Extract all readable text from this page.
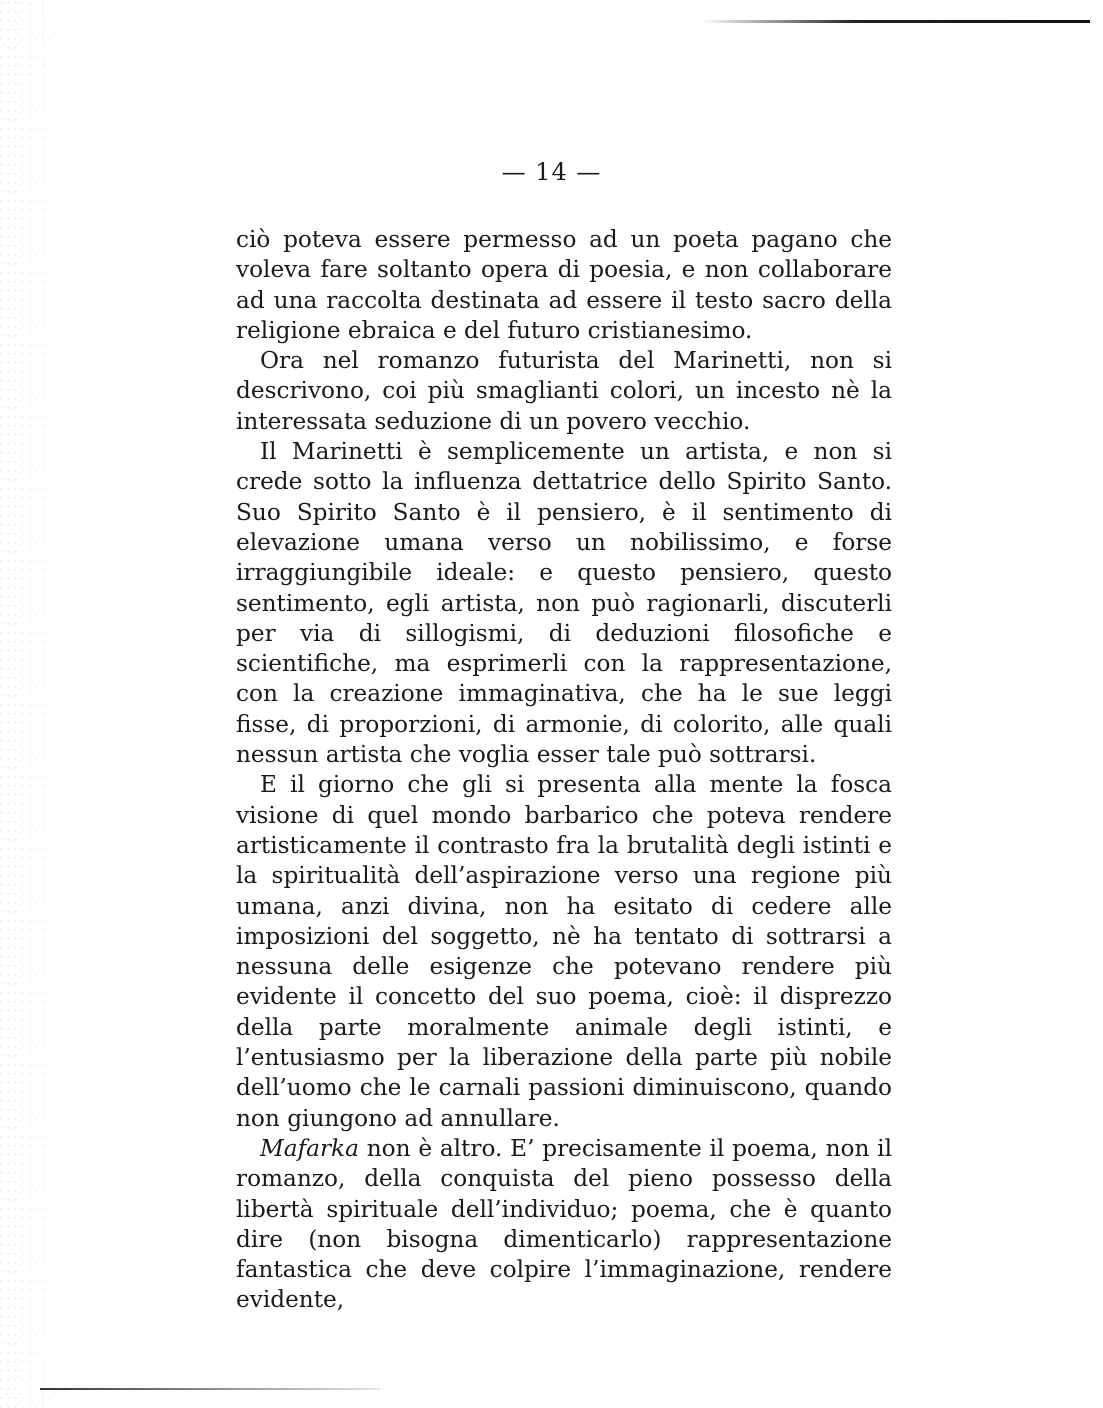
— 14 —

ciò poteva essere permesso ad un poeta pagano che voleva fare soltanto opera di poesia, e non collaborare ad una raccolta destinata ad essere il testo sacro della religione ebraica e del futuro cristianesimo.

Ora nel romanzo futurista del Marinetti, non si descrivono, coi più smaglianti colori, un incesto nè la interessata seduzione di un povero vecchio.

Il Marinetti è semplicemente un artista, e non si crede sotto la influenza dettatrice dello Spirito Santo. Suo Spirito Santo è il pensiero, è il sentimento di elevazione umana verso un nobilissimo, e forse irraggiungibile ideale: e questo pensiero, questo sentimento, egli artista, non può ragionarli, discuterli per via di sillogismi, di deduzioni filosofiche e scientifiche, ma esprimerli con la rappresentazione, con la creazione immaginativa, che ha le sue leggi fisse, di proporzioni, di armonie, di colorito, alle quali nessun artista che voglia esser tale può sottrarsi.

E il giorno che gli si presenta alla mente la fosca visione di quel mondo barbarico che poteva rendere artisticamente il contrasto fra la brutalità degli istinti e la spiritualità dell’aspirazione verso una regione più umana, anzi divina, non ha esitato di cedere alle imposizioni del soggetto, nè ha tentato di sottrarsi a nessuna delle esigenze che potevano rendere più evidente il concetto del suo poema, cioè: il disprezzo della parte moralmente animale degli istinti, e l’entusiasmo per la liberazione della parte più nobile dell’uomo che le carnali passioni diminuiscono, quando non giungono ad annullare.

Mafarka non è altro. E’ precisamente il poema, non il romanzo, della conquista del pieno possesso della libertà spirituale dell’individuo; poema, che è quanto dire (non bisogna dimenticarlo) rappresentazione fantastica che deve colpire l’immaginazione, rendere evidente,
